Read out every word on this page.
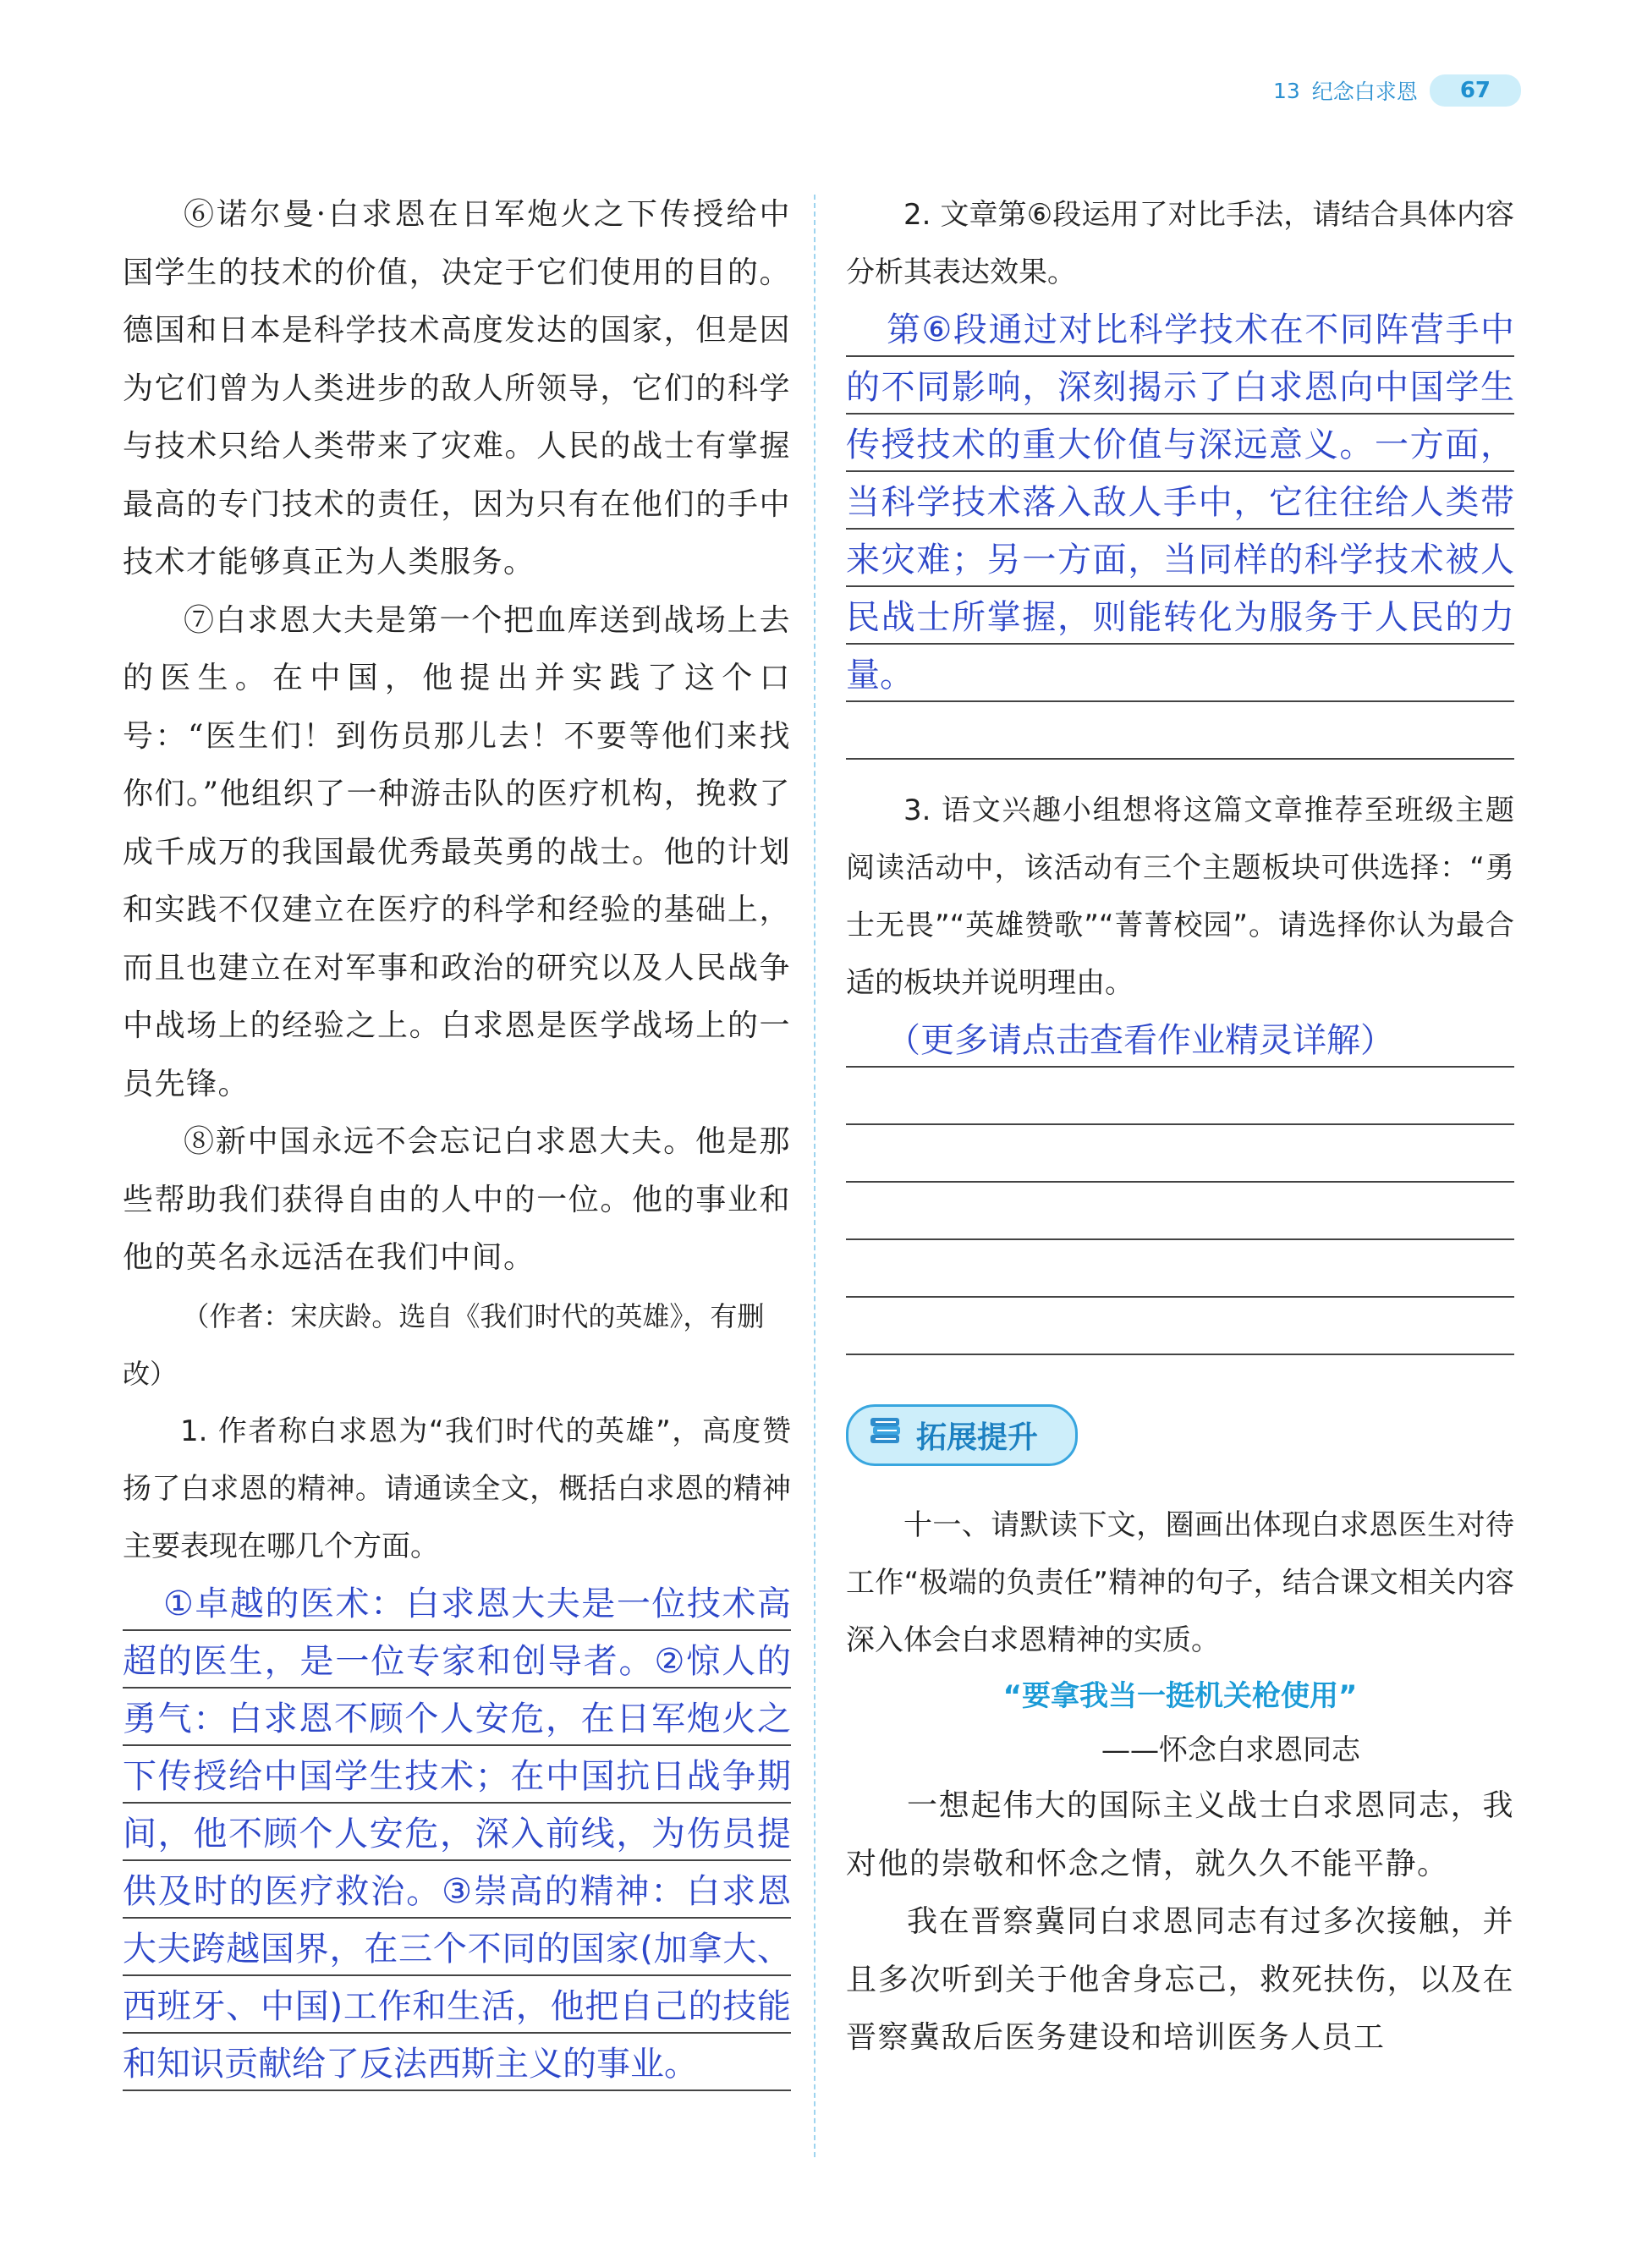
13 纪念白求恩	67

⑥诺尔曼·白求恩在日军炮火之下传授给中国学生的技术的价值，决定于它们使用的目的。德国和日本是科学技术高度发达的国家，但是因为它们曾为人类进步的敌人所领导，它们的科学与技术只给人类带来了灾难。人民的战士有掌握最高的专门技术的责任，因为只有在他们的手中技术才能够真正为人类服务。

⑦白求恩大夫是第一个把血库送到战场上去的医生。在中国，他提出并实践了这个口号：“医生们！到伤员那儿去！不要等他们来找你们。”他组织了一种游击队的医疗机构，挽救了成千成万的我国最优秀最英勇的战士。他的计划和实践不仅建立在医疗的科学和经验的基础上，而且也建立在对军事和政治的研究以及人民战争中战场上的经验之上。白求恩是医学战场上的一员先锋。

⑧新中国永远不会忘记白求恩大夫。他是那些帮助我们获得自由的人中的一位。他的事业和他的英名永远活在我们中间。

（作者：宋庆龄。选自《我们时代的英雄》，有删改）

1. 作者称白求恩为“我们时代的英雄”，高度赞扬了白求恩的精神。请通读全文，概括白求恩的精神主要表现在哪几个方面。

①卓越的医术：白求恩大夫是一位技术高超的医生，是一位专家和创导者。②惊人的勇气：白求恩不顾个人安危，在日军炮火之下传授给中国学生技术；在中国抗日战争期间，他不顾个人安危，深入前线，为伤员提供及时的医疗救治。③崇高的精神：白求恩大夫跨越国界，在三个不同的国家(加拿大、西班牙、中国)工作和生活，他把自己的技能和知识贡献给了反法西斯主义的事业。

2. 文章第⑥段运用了对比手法，请结合具体内容分析其表达效果。

第⑥段通过对比科学技术在不同阵营手中的不同影响，深刻揭示了白求恩向中国学生传授技术的重大价值与深远意义。一方面，当科学技术落入敌人手中，它往往给人类带来灾难；另一方面，当同样的科学技术被人民战士所掌握，则能转化为服务于人民的力量。

3. 语文兴趣小组想将这篇文章推荐至班级主题阅读活动中，该活动有三个主题板块可供选择：“勇士无畏”“英雄赞歌”“菁菁校园”。请选择你认为最合适的板块并说明理由。

（更多请点击查看作业精灵详解）

拓展提升

十一、请默读下文，圈画出体现白求恩医生对待工作“极端的负责任”精神的句子，结合课文相关内容深入体会白求恩精神的实质。

“要拿我当一挺机关枪使用”

——怀念白求恩同志

一想起伟大的国际主义战士白求恩同志，我对他的崇敬和怀念之情，就久久不能平静。

我在晋察冀同白求恩同志有过多次接触，并且多次听到关于他舍身忘己，救死扶伤，以及在晋察冀敌后医务建设和培训医务人员工
